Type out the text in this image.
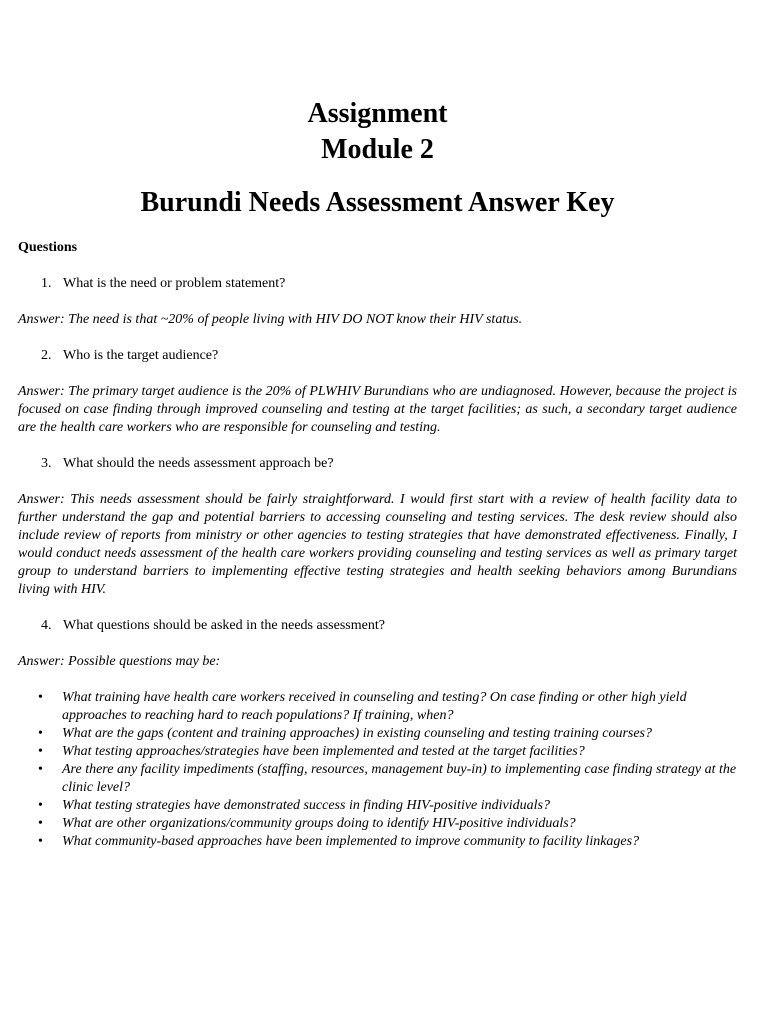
Assignment
Module 2
Burundi Needs Assessment Answer Key
Questions
1. What is the need or problem statement?
Answer: The need is that ~20% of people living with HIV DO NOT know their HIV status.
2. Who is the target audience?
Answer: The primary target audience is the 20% of PLWHIV Burundians who are undiagnosed. However, because the project is focused on case finding through improved counseling and testing at the target facilities; as such, a secondary target audience are the health care workers who are responsible for counseling and testing.
3. What should the needs assessment approach be?
Answer: This needs assessment should be fairly straightforward. I would first start with a review of health facility data to further understand the gap and potential barriers to accessing counseling and testing services. The desk review should also include review of reports from ministry or other agencies to testing strategies that have demonstrated effectiveness. Finally, I would conduct needs assessment of the health care workers providing counseling and testing services as well as primary target group to understand barriers to implementing effective testing strategies and health seeking behaviors among Burundians living with HIV.
4. What questions should be asked in the needs assessment?
Answer: Possible questions may be:
•	What training have health care workers received in counseling and testing? On case finding or other high yield approaches to reaching hard to reach populations? If training, when?
•	What are the gaps (content and training approaches) in existing counseling and testing training courses?
•	What testing approaches/strategies have been implemented and tested at the target facilities?
•	Are there any facility impediments (staffing, resources, management buy-in) to implementing case finding strategy at the clinic level?
•	What testing strategies have demonstrated success in finding HIV-positive individuals?
•	What are other organizations/community groups doing to identify HIV-positive individuals?
•	What community-based approaches have been implemented to improve community to facility linkages?
